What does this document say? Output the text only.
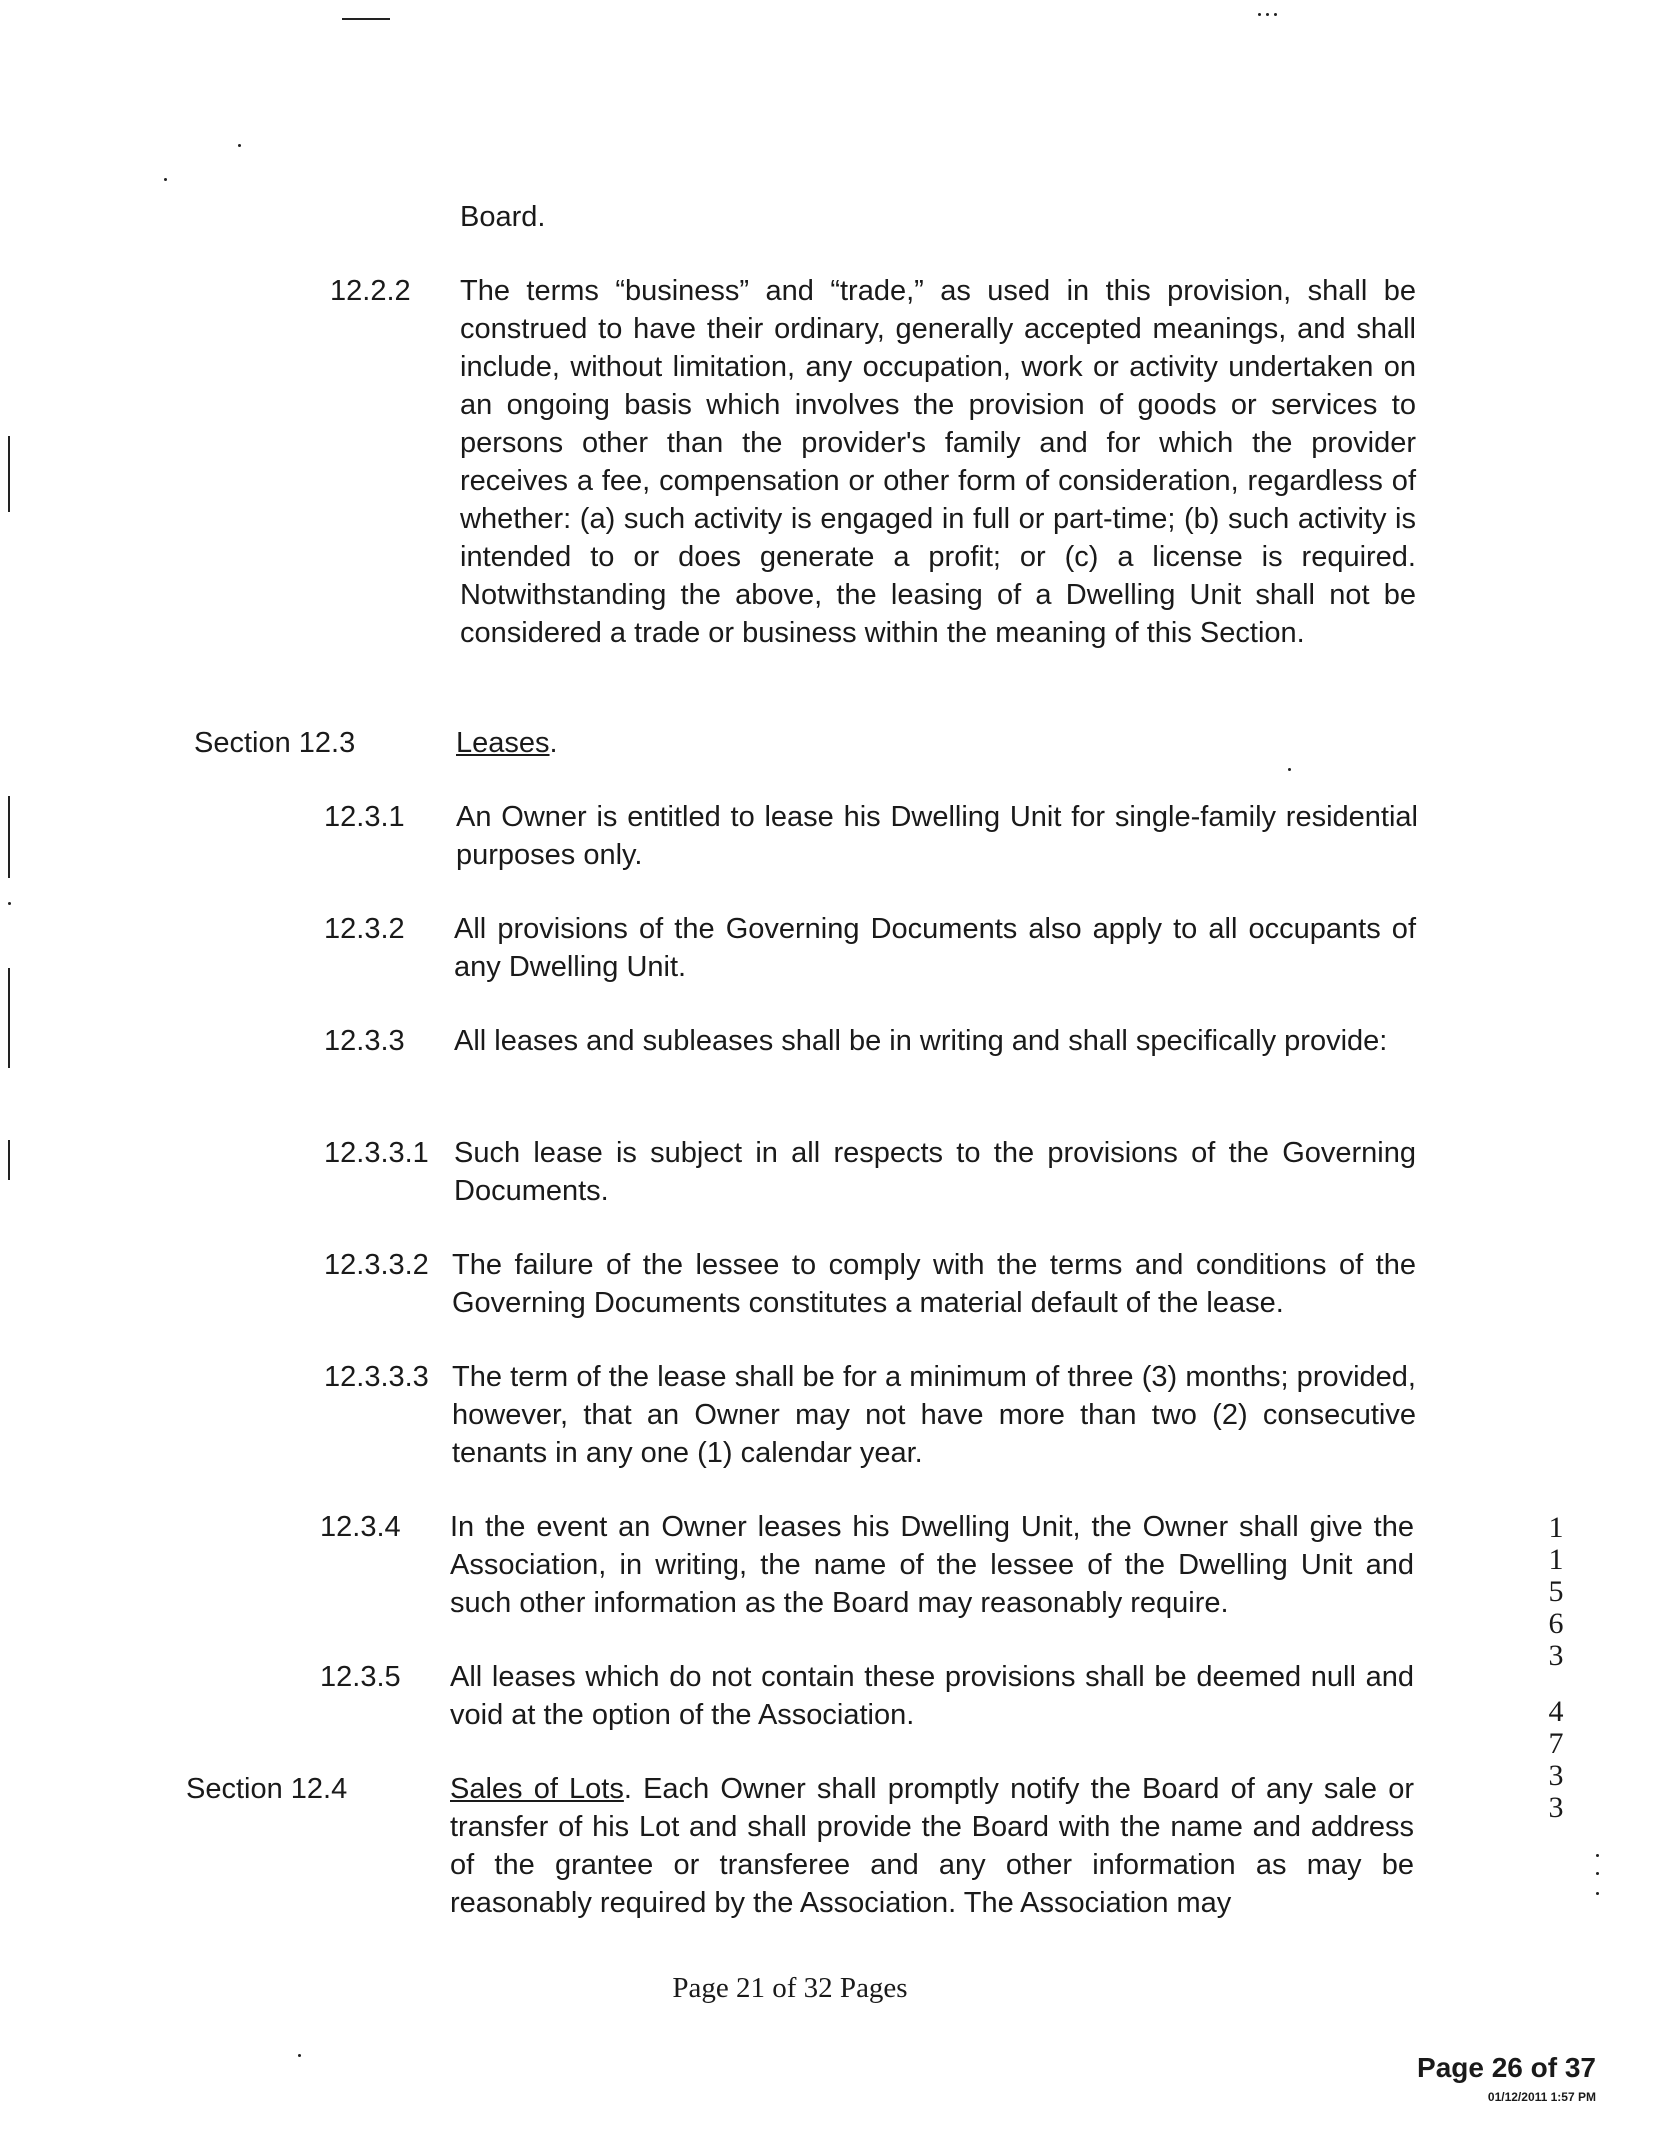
Board.
12.2.2 The terms “business” and “trade,” as used in this provision, shall be construed to have their ordinary, generally accepted meanings, and shall include, without limitation, any occupation, work or activity undertaken on an ongoing basis which involves the provision of goods or services to persons other than the provider's family and for which the provider receives a fee, compensation or other form of consideration, regardless of whether: (a) such activity is engaged in full or part-time; (b) such activity is intended to or does generate a profit; or (c) a license is required. Notwithstanding the above, the leasing of a Dwelling Unit shall not be considered a trade or business within the meaning of this Section.

Section 12.3	Leases.
12.3.1 An Owner is entitled to lease his Dwelling Unit for single-family residential purposes only.

12.3.2 All provisions of the Governing Documents also apply to all occupants of any Dwelling Unit.

12.3.3 All leases and subleases shall be in writing and shall specifically provide:

12.3.3.1 Such lease is subject in all respects to the provisions of the Governing Documents.

12.3.3.2 The failure of the lessee to comply with the terms and conditions of the Governing Documents constitutes a material default of the lease.

12.3.3.3 The term of the lease shall be for a minimum of three (3) months; provided, however, that an Owner may not have more than two (2) consecutive tenants in any one (1) calendar year.

12.3.4 In the event an Owner leases his Dwelling Unit, the Owner shall give the Association, in writing, the name of the lessee of the Dwelling Unit and such other information as the Board may reasonably require.

12.3.5 All leases which do not contain these provisions shall be deemed null and void at the option of the Association.

Section 12.4	Sales of Lots. Each Owner shall promptly notify the Board of any sale or transfer of his Lot and shall provide the Board with the name and address of the grantee or transferee and any other information as may be reasonably required by the Association. The Association may

1
1
5
6
3
4
7
3
3
Page 21 of 32 Pages
Page 26 of 37
01/12/2011 1:57 PM
